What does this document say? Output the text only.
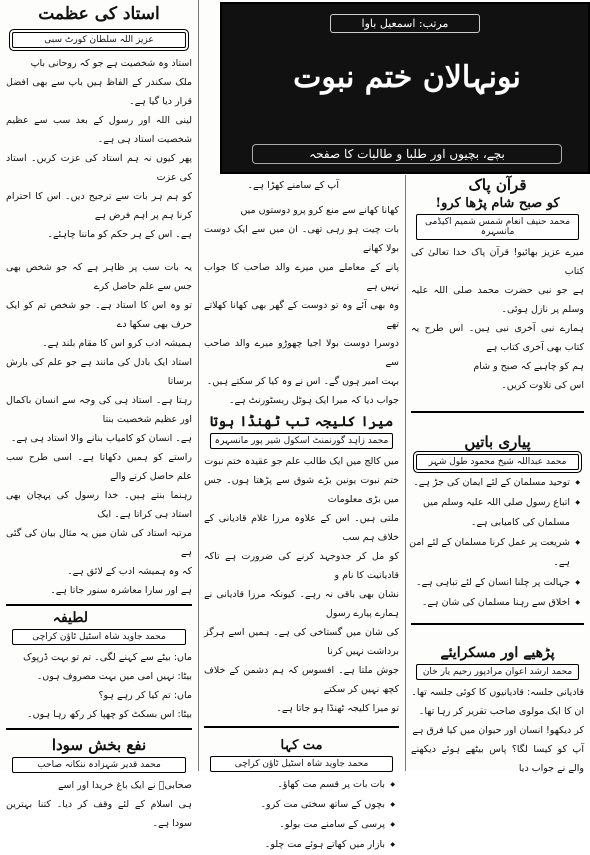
مرتب: اسمعیل باوا
نونہالان ختم نبوت
بچے، بچیوں اور طلبا و طالبات کا صفحہ
استاد کی عظمت
عزیز اللہ سلطان کورٹ سبی

استاد وہ شخصیت ہے جو کہ روحانی باپ

ملک سکندر کے الفاظ ہیں باپ سے بھی افضل قرار دیا گیا ہے۔

لینی اللہ اور رسول کے بعد سب سے عظیم شخصیت استاد ہی ہے۔

پھر کیوں نہ ہم استاد کی عزت کریں۔ استاد کی عزت

کو ہم ہر بات سے ترجیح دیں۔ اس کا احترام کرنا ہم پر اہم فرض ہے

ہے۔ اس کے ہر حکم کو ماننا چاہئے۔

یہ بات سب پر ظاہر ہے کہ جو شخص بھی جس سے علم حاصل کرے

تو وہ اس کا استاد ہے۔ جو شخص تم کو ایک حرف بھی سکھا دے

ہمیشہ ادب کرو اس کا مقام بلند ہے۔

استاد ایک بادل کی مانند ہے جو علم کی بارش برساتا

رہتا ہے۔ استاد ہی کی وجہ سے انسان باکمال اور عظیم شخصیت بنتا

ہے۔ انسان کو کامیاب بنانے والا استاد ہی ہے۔

راستے کو ہمیں دکھاتا ہے۔ اسی طرح سب علم حاصل کرنے والے

رہنما بنتے ہیں۔ خدا رسول کی پہچان بھی استاد ہی کراتا ہے۔ ایک

مرتبہ استاد کی شان میں یہ مثال بیان کی گئی ہے

کہ وہ ہمیشہ ادب کے لائق ہے۔

ہے اور سارا معاشرہ سنور جاتا ہے۔

لطیفہ
محمد جاوید شاہ اسٹیل ٹاؤن کراچی

ماں: بیٹے سے کہنے لگی۔ تم تو بہت ڈرپوک

بیٹا: نہیں امی میں بہت مصروف ہوں۔

ماں: تم کیا کر رہے ہو؟

بیٹا: اس بسکٹ کو چھپا کر رکھ رہا ہوں۔

نفع بخش سودا
محمد قدیر شہزادہ ننکانہ صاحب

صحابیؓ نے ایک باغ خریدا اور اسے

ہی اسلام کے لئے وقف کر دیا۔ کتنا بہترین سودا ہے۔

آپ کے سامنے کھڑا ہے۔

کھانا کھانے سے منع کرو پرو دوستوں میں

بات چیت ہو رہی تھی۔ ان میں سے ایک دوست بولا کھانے

پانے کے معاملے میں میرے والد صاحب کا جواب نہیں ہے

وہ بھی آئے وہ تو دوست کے گھر بھی کھانا کھلاتے تھے

دوسرا دوست بولا اجیا چھوڑو میرے والد صاحب سے

بہت امیر ہوں گے۔ اس نے وہ کیا کر سکتے ہیں۔

جواب دیا کہ میرا ایک ہوٹل ریسٹورنٹ ہے۔

میرا کلیجہ تب ٹھنڈا ہوتا
محمد زاہد گورنمنٹ اسکول شیر پور مانسہرہ

میں کالج میں ایک طالب علم جو عقیدہ ختم نبوت

ختم نبوت یونین بڑے شوق سے پڑھتا ہوں۔ جس میں بڑی معلومات

ملتی ہیں۔ اس کے علاوہ مرزا غلام قادیانی کے خلاف ہم سب

کو مل کر جدوجہد کرنے کی ضرورت ہے تاکہ قادیانیت کا نام و

نشان بھی باقی نہ رہے۔ کیونکہ مرزا قادیانی نے ہمارے پیارے رسول

کی شان میں گستاخی کی ہے۔ ہمیں اسے ہرگز برداشت نہیں کرنا

جوش ملتا ہے۔ افسوس کہ ہم دشمن کے خلاف کچھ نہیں کر سکتے

تو میرا کلیجہ ٹھنڈا ہو جاتا ہے۔

مت کہا
محمد جاوید شاہ اسٹیل ٹاؤن کراچی
◆ بات بات پر قسم مت کھاؤ۔
◆ بچوں کے ساتھ سختی مت کرو۔
◆ پرسی کے سامنے مت بولو۔
◆ بازار میں کھاتے ہوئے مت چلو۔
قرآن پاک
کو صبح شام پڑھا کرو!
محمد حنیف انعام شمس شمیم اکیڈمی مانسہرہ

میرے عزیز بھائیو! قرآن پاک خدا تعالیٰ کی کتاب

ہے جو نبی حضرت محمد صلی اللہ علیہ وسلم پر نازل ہوئی۔

ہمارے نبی آخری نبی ہیں۔ اس طرح یہ کتاب بھی آخری کتاب ہے

ہم کو چاہیے کہ صبح و شام

اس کی تلاوت کریں۔

پیاری باتیں
محمد عبداللہ شیخ محمود طول شہر
◆ توحید مسلمان کے لئے ایمان کی جڑ ہے۔
◆ اتباع رسول صلی اللہ علیہ وسلم میں مسلمان کی کامیابی ہے۔
◆ شریعت پر عمل کرنا مسلمان کے لئے امن ہے۔
◆ جہالت پر چلنا انسان کے لئے تباہی ہے۔
◆ اخلاق سے رہنا مسلمان کی شان ہے۔
پڑھیے اور مسکرایئے
محمد ارشد اعوان مرادپور رحیم یار خان

قادیانی جلسہ: قادیانیوں کا کوئی جلسہ تھا۔

ان کا ایک مولوی صاحب تقریر کر رہا تھا۔

کر دیکھو! انسان اور حیوان میں کیا فرق ہے

آپ کو کیسا لگا؟ پاس بیٹھے ہوئے دیکھنے والے نے جواب دیا
